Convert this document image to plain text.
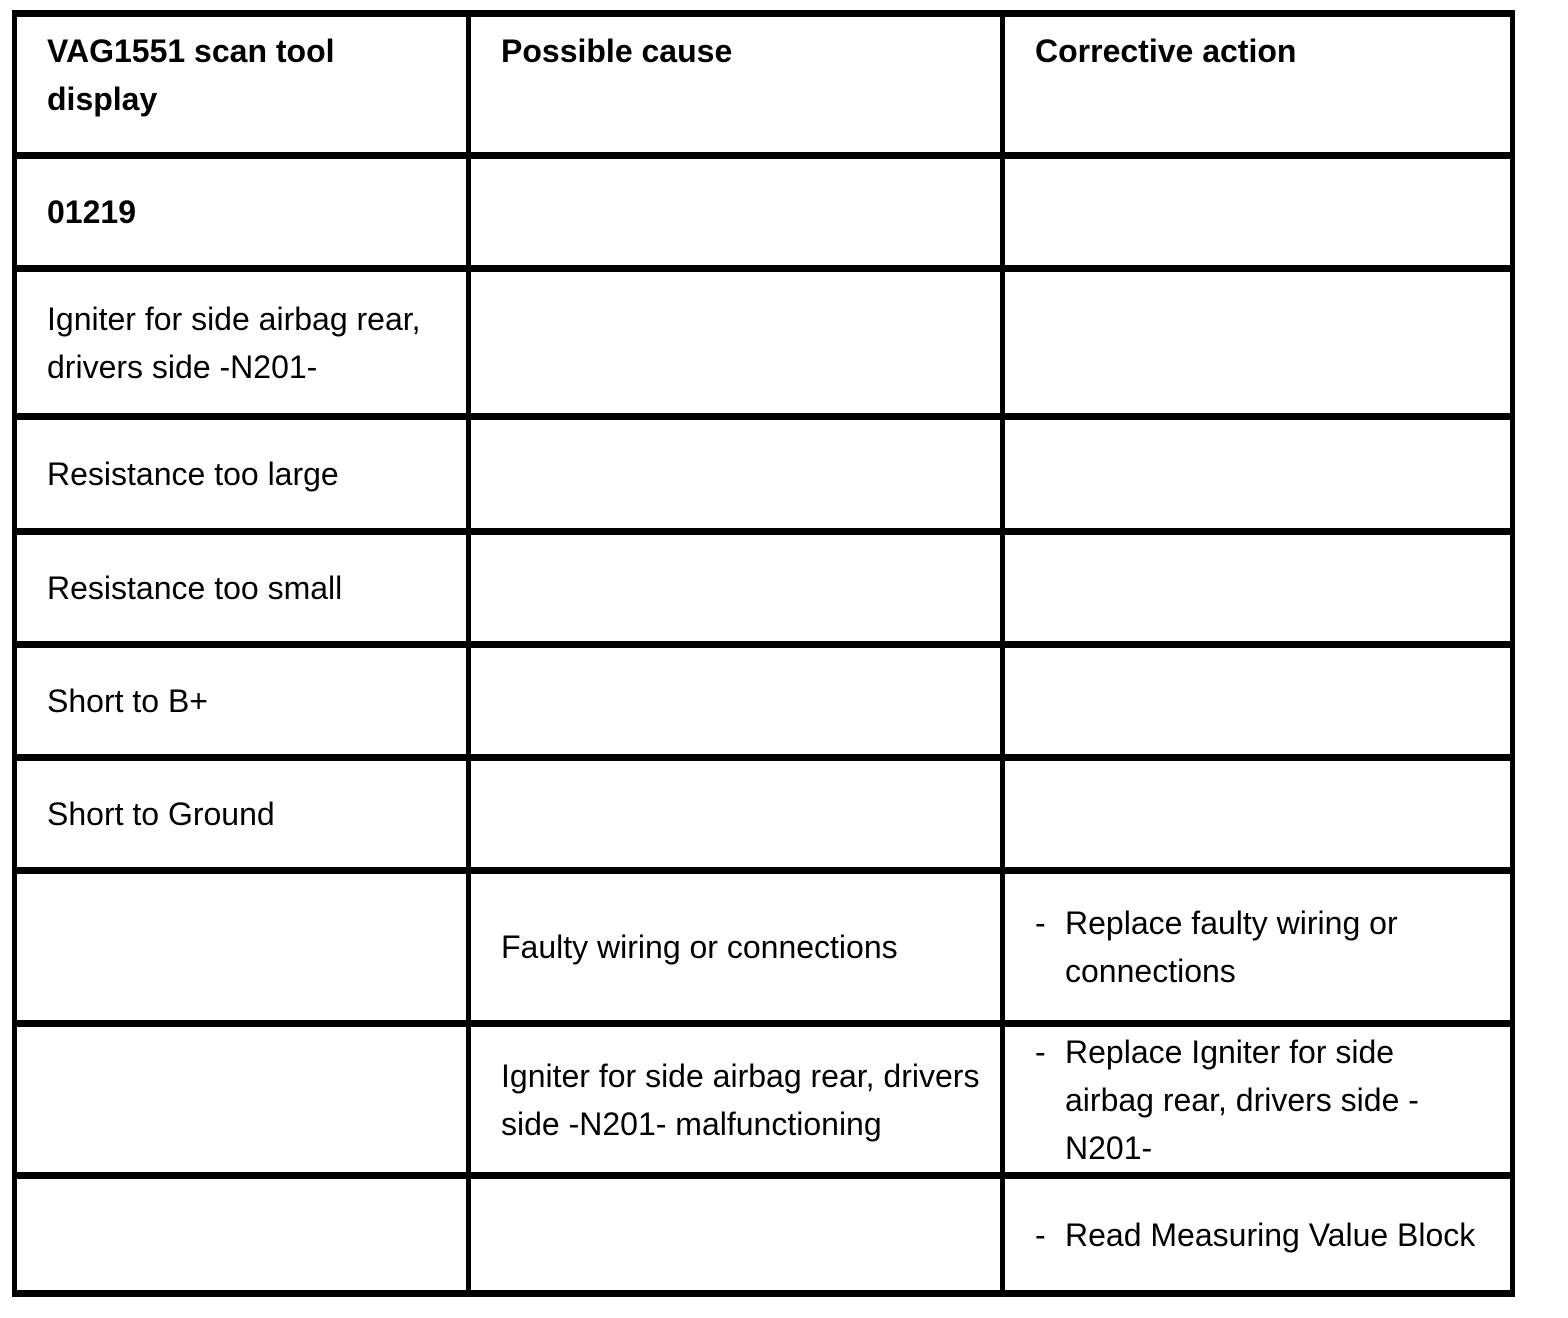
VAG1551 scan tool display	Possible cause	Corrective action
01219		
Igniter for side airbag rear, drivers side -N201-		
Resistance too large		
Resistance too small		
Short to B+		
Short to Ground		
	Faulty wiring or connections	- Replace faulty wiring or connections

	Igniter for side airbag rear, drivers side -N201- malfunctioning	- Replace Igniter for side airbag rear, drivers side -N201-

		- Read Measuring Value Block
